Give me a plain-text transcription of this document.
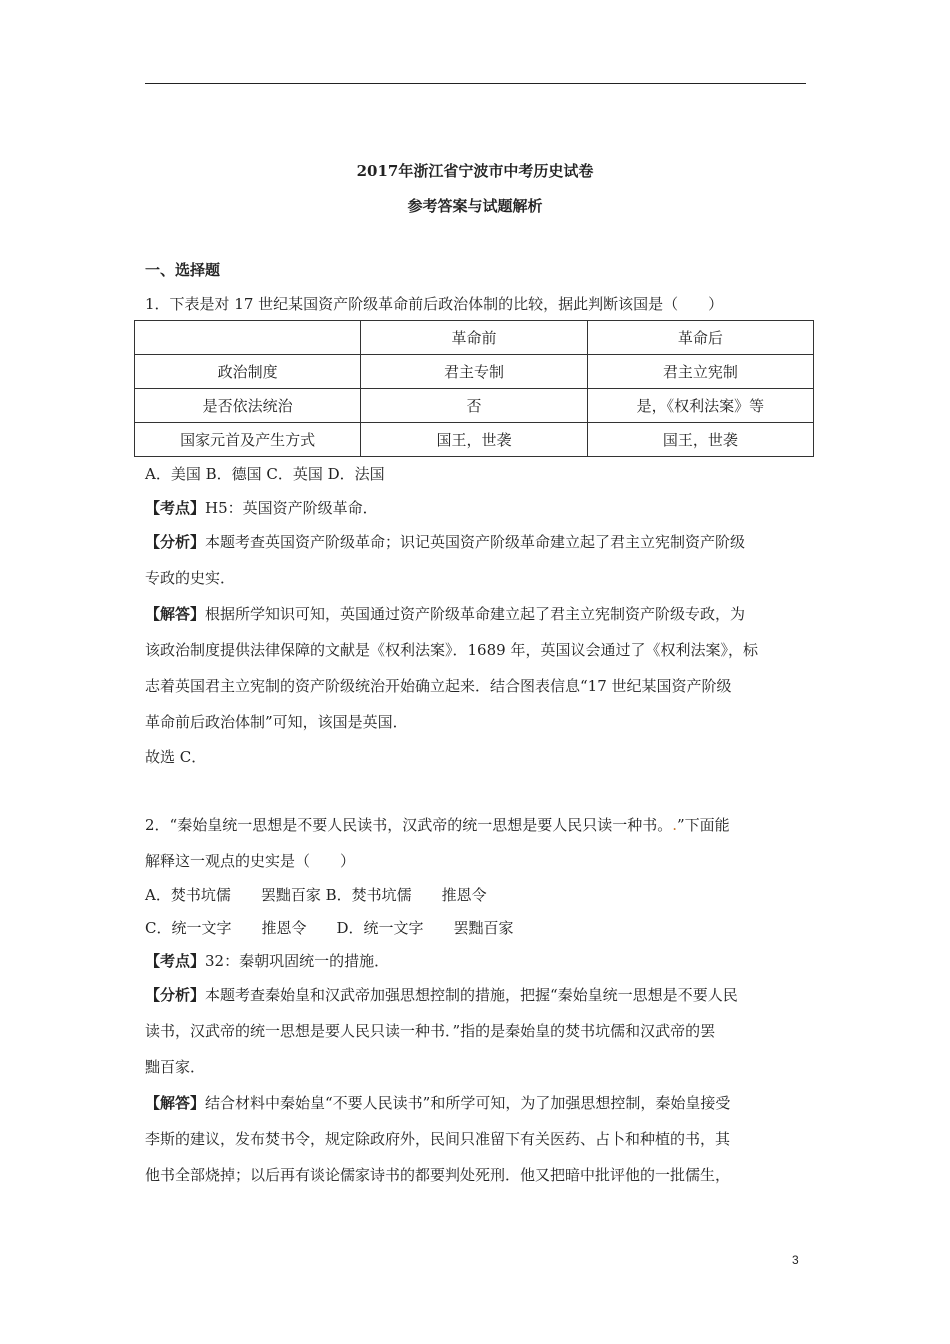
2017年浙江省宁波市中考历史试卷
参考答案与试题解析
一、选择题
1．下表是对 17 世纪某国资产阶级革命前后政治体制的比较，据此判断该国是（　　）
	革命前	革命后
政治制度	君主专制	君主立宪制
是否依法统治	否	是，《权利法案》等
国家元首及产生方式	国王，世袭	国王，世袭
A．美国 B．德国 C．英国 D．法国
【考点】H5：英国资产阶级革命．
【分析】本题考查英国资产阶级革命；识记英国资产阶级革命建立起了君主立宪制资产阶级
专政的史实．
【解答】根据所学知识可知，英国通过资产阶级革命建立起了君主立宪制资产阶级专政，为
该政治制度提供法律保障的文献是《权利法案》．1689 年，英国议会通过了《权利法案》，标
志着英国君主立宪制的资产阶级统治开始确立起来．结合图表信息“17 世纪某国资产阶级
革命前后政治体制”可知，该国是英国．
故选 C．
2．“秦始皇统一思想是不要人民读书，汉武帝的统一思想是要人民只读一种书。.”下面能
解释这一观点的史实是（　　）
A．焚书坑儒　　罢黜百家 B．焚书坑儒　　推恩令
C．统一文字　　推恩令　　D．统一文字　　罢黜百家
【考点】32：秦朝巩固统一的措施．
【分析】本题考查秦始皇和汉武帝加强思想控制的措施，把握“秦始皇统一思想是不要人民
读书，汉武帝的统一思想是要人民只读一种书．”指的是秦始皇的焚书坑儒和汉武帝的罢
黜百家．
【解答】结合材料中秦始皇“不要人民读书”和所学可知，为了加强思想控制，秦始皇接受
李斯的建议，发布焚书令，规定除政府外，民间只准留下有关医药、占卜和种植的书，其
他书全部烧掉；以后再有谈论儒家诗书的都要判处死刑．他又把暗中批评他的一批儒生，
3
